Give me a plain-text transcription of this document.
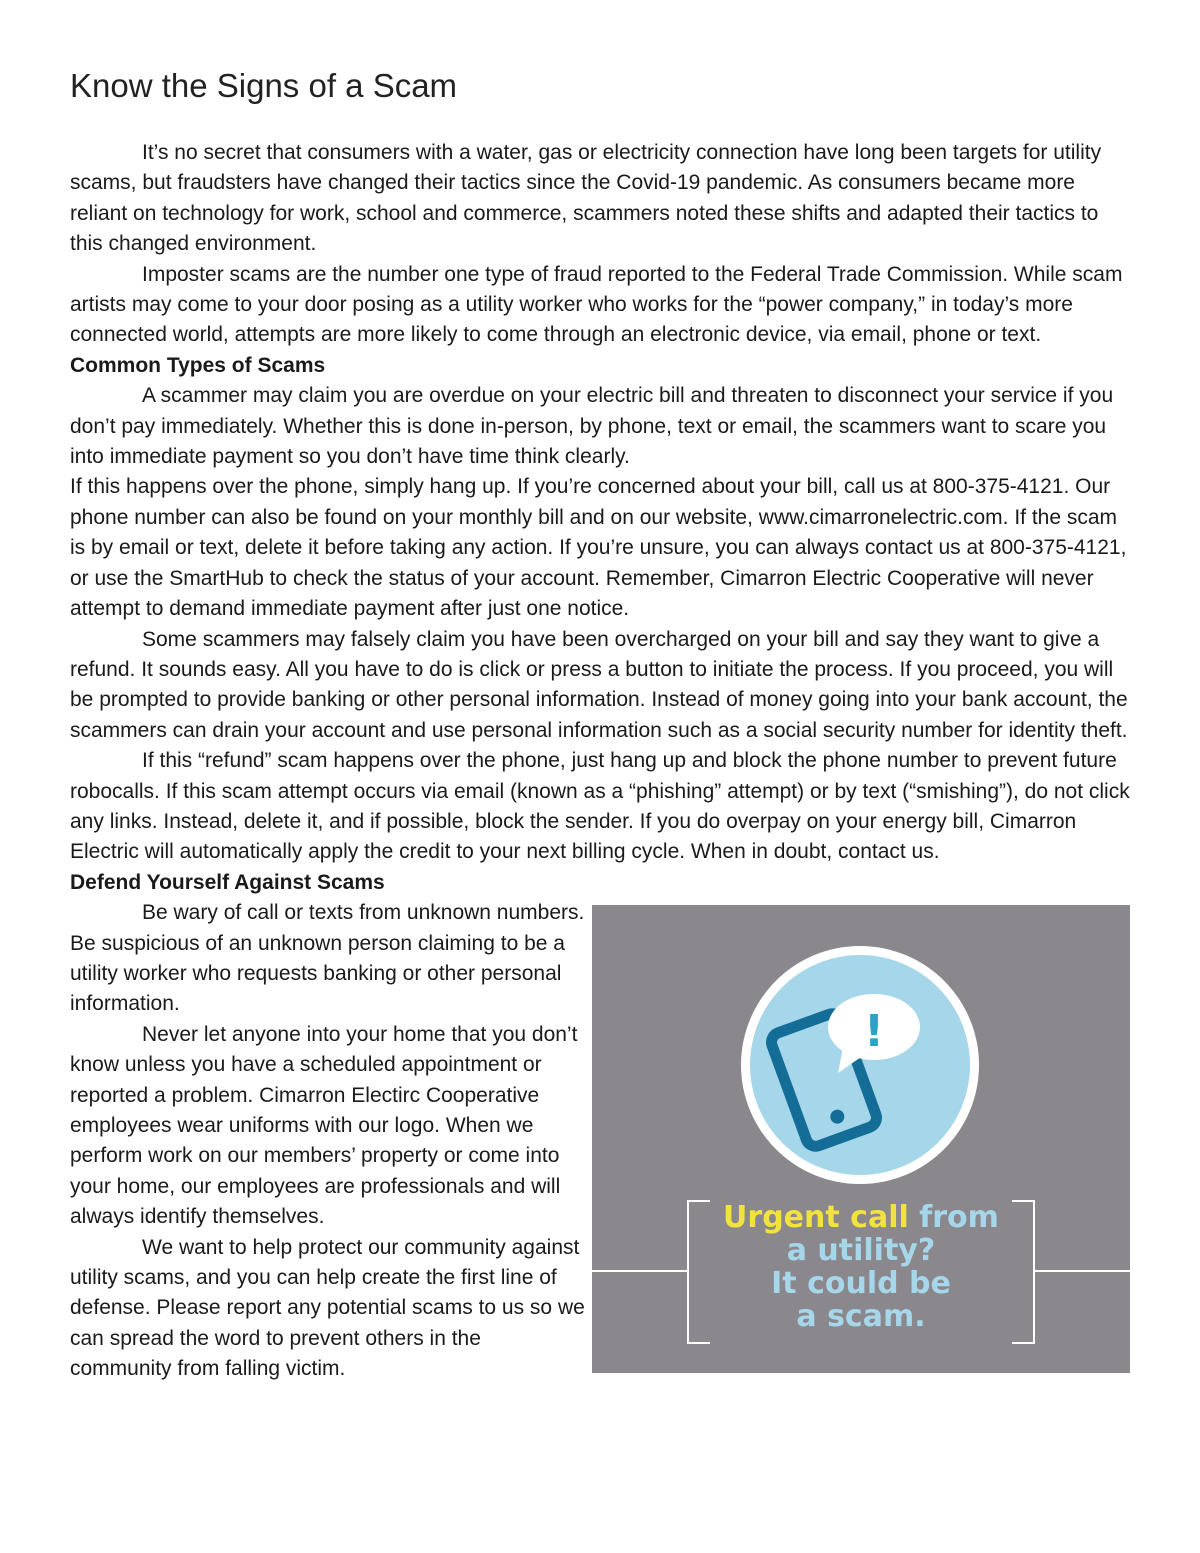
Know the Signs of a Scam

It’s no secret that consumers with a water, gas or electricity connection have long been targets for utility scams, but fraudsters have changed their tactics since the Covid-19 pandemic. As consumers became more reliant on technology for work, school and commerce, scammers noted these shifts and adapted their tactics to this changed environment.

Imposter scams are the number one type of fraud reported to the Federal Trade Commission. While scam artists may come to your door posing as a utility worker who works for the “power company,” in today’s more connected world, attempts are more likely to come through an electronic device, via email, phone or text.

Common Types of Scams

A scammer may claim you are overdue on your electric bill and threaten to disconnect your service if you don’t pay immediately. Whether this is done in-person, by phone, text or email, the scammers want to scare you into immediate payment so you don’t have time think clearly.

If this happens over the phone, simply hang up. If you’re concerned about your bill, call us at 800-375-4121. Our phone number can also be found on your monthly bill and on our website, www.cimarronelectric.com. If the scam is by email or text, delete it before taking any action. If you’re unsure, you can always contact us at 800-375-4121, or use the SmartHub to check the status of your account. Remember, Cimarron Electric Cooperative will never attempt to demand immediate payment after just one notice.

Some scammers may falsely claim you have been overcharged on your bill and say they want to give a refund. It sounds easy. All you have to do is click or press a button to initiate the process. If you proceed, you will be prompted to provide banking or other personal information. Instead of money going into your bank account, the scammers can drain your account and use personal information such as a social security number for identity theft.

If this “refund” scam happens over the phone, just hang up and block the phone number to prevent future robocalls. If this scam attempt occurs via email (known as a “phishing” attempt) or by text (“smishing”), do not click any links. Instead, delete it, and if possible, block the sender. If you do overpay on your energy bill, Cimarron Electric will automatically apply the credit to your next billing cycle. When in doubt, contact us.

Defend Yourself Against Scams

Be wary of call or texts from unknown numbers. Be suspicious of an unknown person claiming to be a utility worker who requests banking or other personal information.

Never let anyone into your home that you don’t know unless you have a scheduled appointment or reported a problem. Cimarron Electirc Cooperative employees wear uniforms with our logo. When we perform work on our members’ property or come into your home, our employees are professionals and will always identify themselves.

We want to help protect our community against utility scams, and you can help create the first line of defense. Please report any potential scams to us so we can spread the word to prevent others in the community from falling victim.

!
Urgent call from
a utility?
It could be
a scam.
